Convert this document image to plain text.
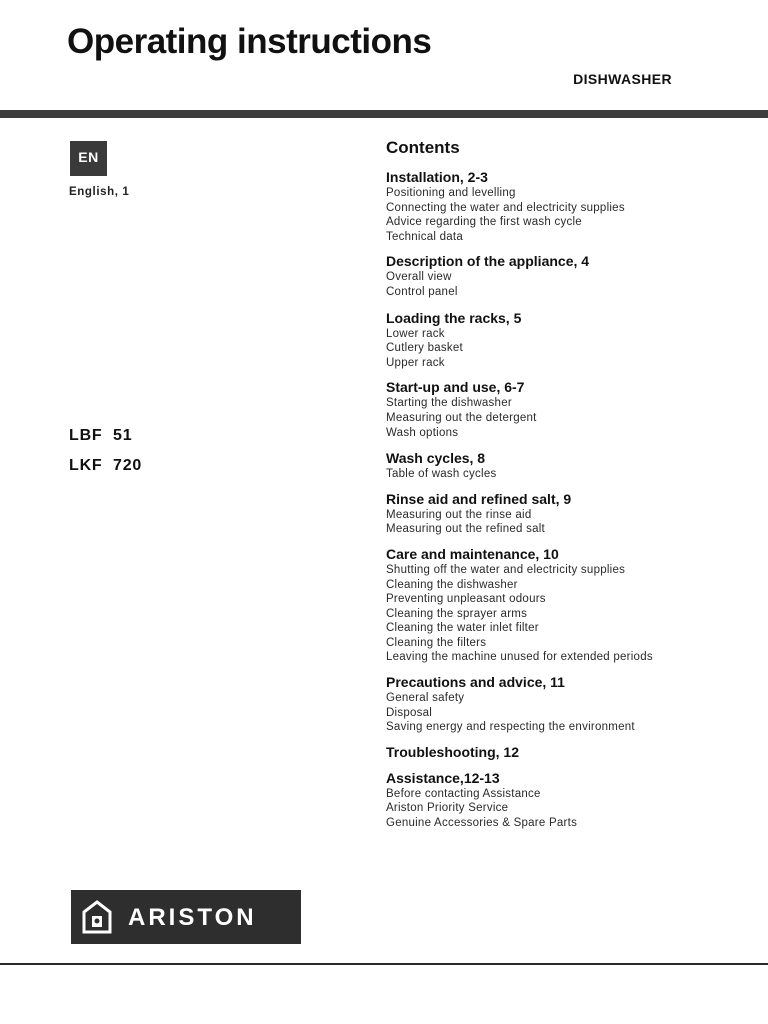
Operating instructions
DISHWASHER
EN
English, 1
LBF  51
LKF  720
Contents
Installation, 2-3
Positioning and levelling
Connecting the water and electricity supplies
Advice regarding the first wash cycle
Technical data
Description of the appliance, 4
Overall view
Control panel
Loading the racks, 5
Lower rack
Cutlery basket
Upper rack
Start-up and use, 6-7
Starting the dishwasher
Measuring out the detergent
Wash options
Wash cycles, 8
Table of wash cycles
Rinse aid and refined salt, 9
Measuring out the rinse aid
Measuring out the refined salt
Care and maintenance, 10
Shutting off the water and electricity supplies
Cleaning the dishwasher
Preventing unpleasant odours
Cleaning the sprayer arms
Cleaning the water inlet filter
Cleaning the filters
Leaving the machine unused for extended periods
Precautions and advice, 11
General safety
Disposal
Saving energy and respecting the environment
Troubleshooting, 12
Assistance,12-13
Before contacting Assistance
Ariston Priority Service
Genuine Accessories & Spare Parts
ARISTON
